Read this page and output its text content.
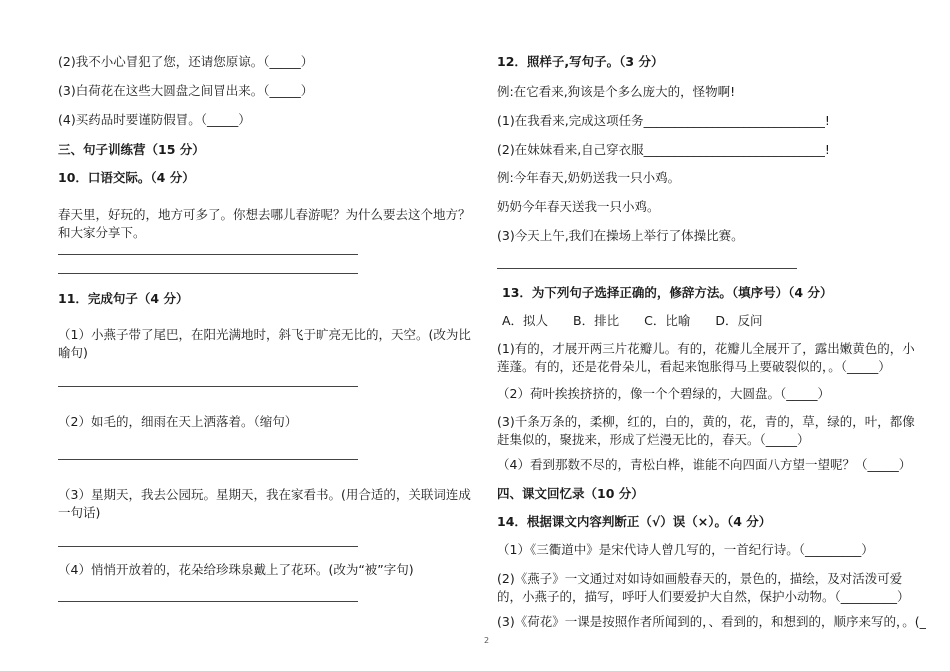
(2)我不小心冒犯了您，还请您原谅。（_____）
(3)白荷花在这些大圆盘之间冒出来。（_____）
(4)买药品时要谨防假冒。（_____）
三、句子训练营（15 分）
10．口语交际。（4 分）
春天里，好玩的，地方可多了。你想去哪儿春游呢？为什么要去这个地方？和大家分享下。
11．完成句子（4 分）
（1）小燕子带了尾巴，在阳光满地时，斜飞于旷亮无比的，天空。(改为比喻句)
（2）如毛的，细雨在天上洒落着。（缩句）
（3）星期天，我去公园玩。星期天，我在家看书。(用合适的，关联词连成一句话)
（4）悄悄开放着的，花朵给珍珠泉戴上了花环。(改为“被”字句)
12．照样子,写句子。（3 分）
例:在它看来,狗该是个多么庞大的，怪物啊!
(1)在我看来,完成这项任务_____________________________!
(2)在妹妹看来,自己穿衣服_____________________________!
例:今年春天,奶奶送我一只小鸡。
奶奶今年春天送我一只小鸡。
(3)今天上午,我们在操场上举行了体操比赛。
13．为下列句子选择正确的，修辞方法。（填序号）（4 分）
A．拟人　　B．排比　　C．比喻　　D．反问
(1)有的，才展开两三片花瓣儿。有的，花瓣儿全展开了，露出嫩黄色的，小莲蓬。有的，还是花骨朵儿，看起来饱胀得马上要破裂似的，。（_____）
（2）荷叶挨挨挤挤的，像一个个碧绿的，大圆盘。（_____）
(3)千条万条的，柔柳，红的，白的，黄的，花，青的，草，绿的，叶，都像赶集似的，聚拢来，形成了烂漫无比的，春天。（_____）
（4）看到那数不尽的，青松白桦，谁能不向四面八方望一望呢？（_____）
四、课文回忆录（10 分）
14．根据课文内容判断正（√）误（×）。（4 分）
（1）《三衢道中》是宋代诗人曾几写的，一首纪行诗。（_________）
(2)《燕子》一文通过对如诗如画般春天的，景色的，描绘，及对活泼可爱的，小燕子的，描写，呼吁人们要爱护大自然，保护小动物。（_________）
(3)《荷花》一课是按照作者所闻到的，、看到的，和想到的，顺序来写的，。(_
2
